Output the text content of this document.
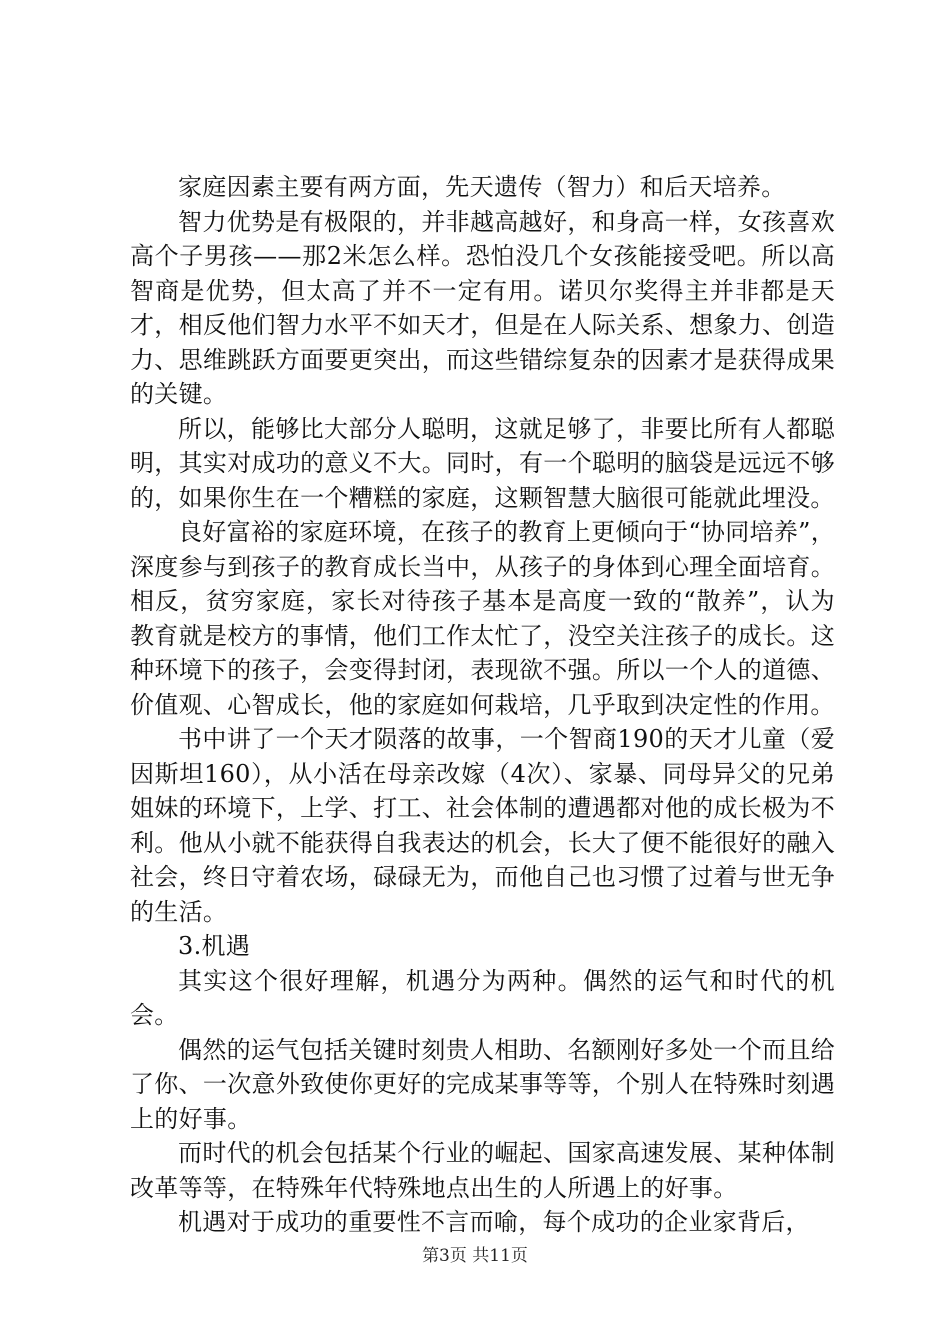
家庭因素主要有两方面，先天遗传（智力）和后天培养。

智力优势是有极限的，并非越高越好，和身高一样，女孩喜欢高个子男孩——那2米怎么样。恐怕没几个女孩能接受吧。所以高智商是优势，但太高了并不一定有用。诺贝尔奖得主并非都是天才，相反他们智力水平不如天才，但是在人际关系、想象力、创造力、思维跳跃方面要更突出，而这些错综复杂的因素才是获得成果的关键。

所以，能够比大部分人聪明，这就足够了，非要比所有人都聪明，其实对成功的意义不大。同时，有一个聪明的脑袋是远远不够的，如果你生在一个糟糕的家庭，这颗智慧大脑很可能就此埋没。

良好富裕的家庭环境，在孩子的教育上更倾向于“协同培养”，深度参与到孩子的教育成长当中，从孩子的身体到心理全面培育。相反，贫穷家庭，家长对待孩子基本是高度一致的“散养”，认为教育就是校方的事情，他们工作太忙了，没空关注孩子的成长。这种环境下的孩子，会变得封闭，表现欲不强。所以一个人的道德、价值观、心智成长，他的家庭如何栽培，几乎取到决定性的作用。

书中讲了一个天才陨落的故事，一个智商190的天才儿童（爱因斯坦160），从小活在母亲改嫁（4次）、家暴、同母异父的兄弟姐妹的环境下，上学、打工、社会体制的遭遇都对他的成长极为不利。他从小就不能获得自我表达的机会，长大了便不能很好的融入社会，终日守着农场，碌碌无为，而他自己也习惯了过着与世无争的生活。

3.机遇

其实这个很好理解，机遇分为两种。偶然的运气和时代的机会。

偶然的运气包括关键时刻贵人相助、名额刚好多处一个而且给了你、一次意外致使你更好的完成某事等等，个别人在特殊时刻遇上的好事。

而时代的机会包括某个行业的崛起、国家高速发展、某种体制改革等等，在特殊年代特殊地点出生的人所遇上的好事。

机遇对于成功的重要性不言而喻，每个成功的企业家背后，

第3页 共11页
